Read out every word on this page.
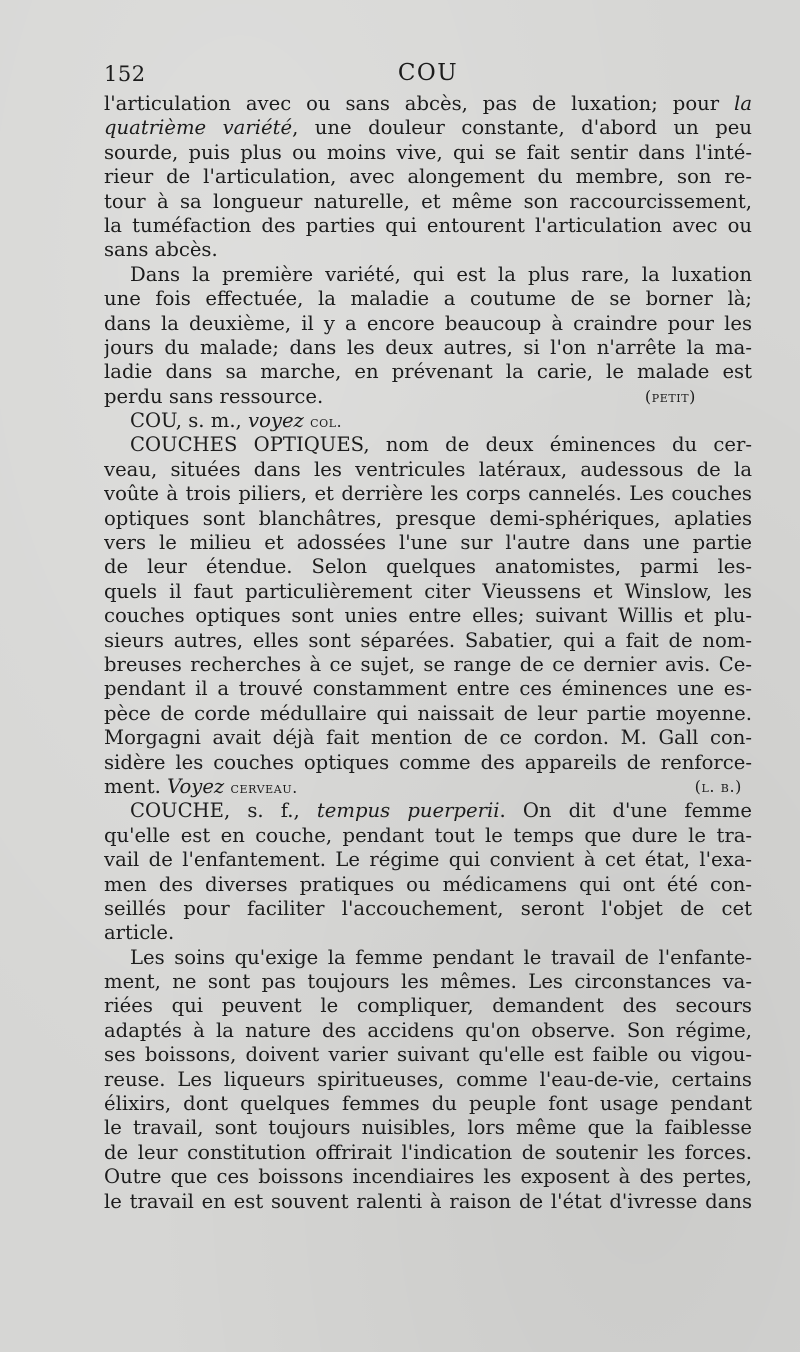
152	COU
l'articulation avec ou sans abcès, pas de luxation; pour la
quatrième variété, une douleur constante, d'abord un peu
sourde, puis plus ou moins vive, qui se fait sentir dans l'inté-
rieur de l'articulation, avec alongement du membre, son re-
tour à sa longueur naturelle, et même son raccourcissement,
la tuméfaction des parties qui entourent l'articulation avec ou
sans abcès.
Dans la première variété, qui est la plus rare, la luxation
une fois effectuée, la maladie a coutume de se borner là;
dans la deuxième, il y a encore beaucoup à craindre pour les
jours du malade; dans les deux autres, si l'on n'arrête la ma-
ladie dans sa marche, en prévenant la carie, le malade est
perdu sans ressource.	(petit)
COU, s. m., voyez col.
COUCHES OPTIQUES, nom de deux éminences du cer-
veau, situées dans les ventricules latéraux, audessous de la
voûte à trois piliers, et derrière les corps cannelés. Les couches
optiques sont blanchâtres, presque demi-sphériques, aplaties
vers le milieu et adossées l'une sur l'autre dans une partie
de leur étendue. Selon quelques anatomistes, parmi les-
quels il faut particulièrement citer Vieussens et Winslow, les
couches optiques sont unies entre elles; suivant Willis et plu-
sieurs autres, elles sont séparées. Sabatier, qui a fait de nom-
breuses recherches à ce sujet, se range de ce dernier avis. Ce-
pendant il a trouvé constamment entre ces éminences une es-
pèce de corde médullaire qui naissait de leur partie moyenne.
Morgagni avait déjà fait mention de ce cordon. M. Gall con-
sidère les couches optiques comme des appareils de renforce-
ment. Voyez cerveau.	(l. b.)
COUCHE, s. f., tempus puerperii. On dit d'une femme
qu'elle est en couche, pendant tout le temps que dure le tra-
vail de l'enfantement. Le régime qui convient à cet état, l'exa-
men des diverses pratiques ou médicamens qui ont été con-
seillés pour faciliter l'accouchement, seront l'objet de cet
article.
Les soins qu'exige la femme pendant le travail de l'enfante-
ment, ne sont pas toujours les mêmes. Les circonstances va-
riées qui peuvent le compliquer, demandent des secours
adaptés à la nature des accidens qu'on observe. Son régime,
ses boissons, doivent varier suivant qu'elle est faible ou vigou-
reuse. Les liqueurs spiritueuses, comme l'eau-de-vie, certains
élixirs, dont quelques femmes du peuple font usage pendant
le travail, sont toujours nuisibles, lors même que la faiblesse
de leur constitution offrirait l'indication de soutenir les forces.
Outre que ces boissons incendiaires les exposent à des pertes,
le travail en est souvent ralenti à raison de l'état d'ivresse dans
